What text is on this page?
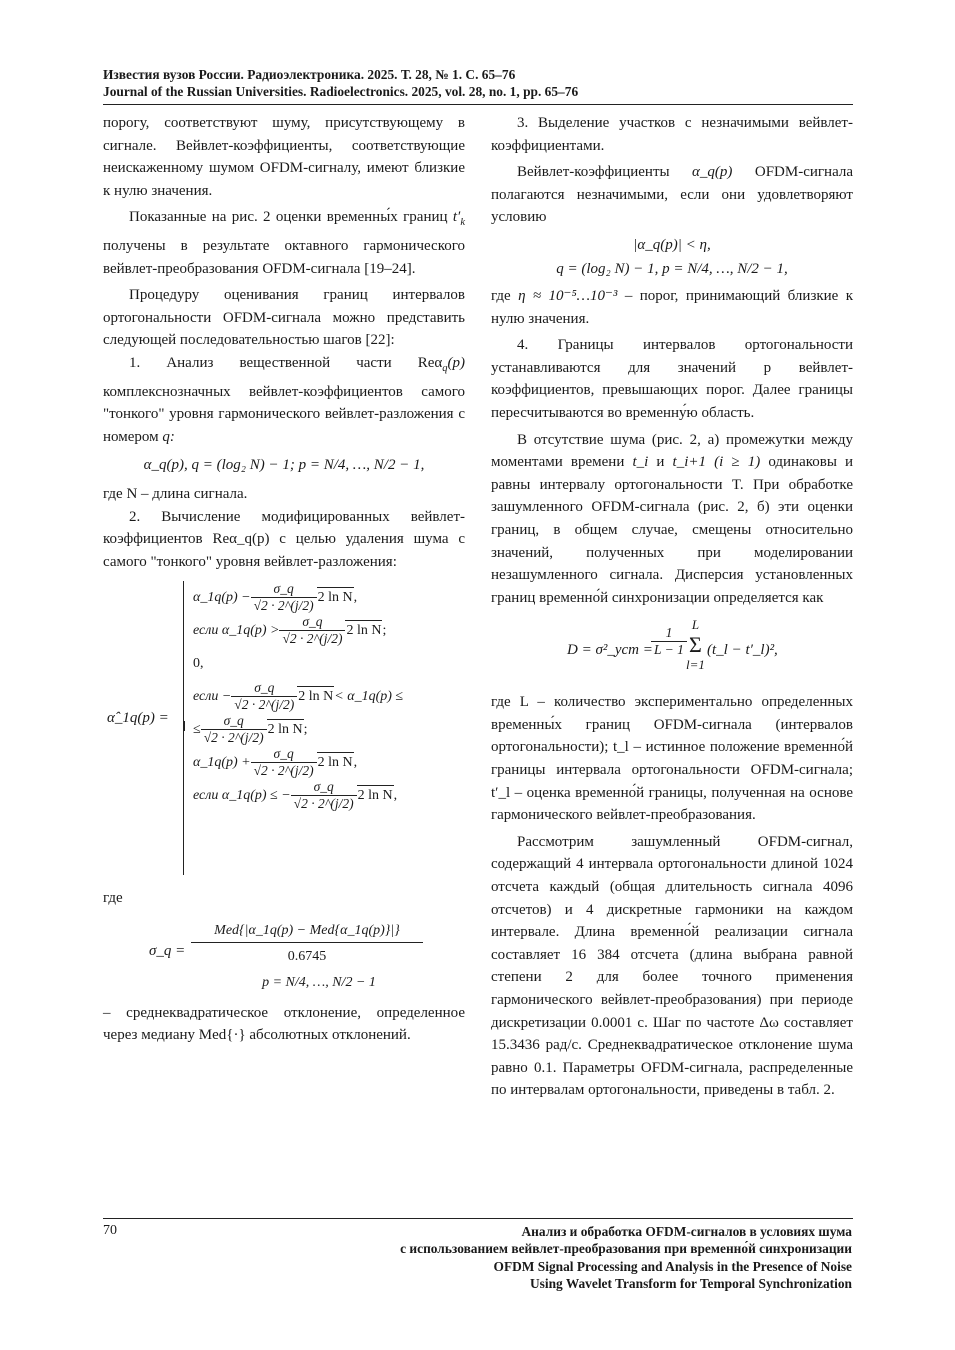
Известия вузов России. Радиоэлектроника. 2025. Т. 28, № 1. С. 65–76
Journal of the Russian Universities. Radioelectronics. 2025, vol. 28, no. 1, pp. 65–76

порогу, соответствуют шуму, присутствующему в сигнале. Вейвлет-коэффициенты, соответствующие неискаженному шумом OFDM-сигналу, имеют близкие к нулю значения.

Показанные на рис. 2 оценки временны́х границ $t'_k$ получены в результате октавного гармонического вейвлет-преобразования OFDM-сигнала [19–24].

Процедуру оценивания границ интервалов ортогональности OFDM-сигнала можно представить следующей последовательностью шагов [22]:

1. Анализ вещественной части Reα$_q$(p) комплекснозначных вейвлет-коэффициентов самого "тонкого" уровня гармонического вейвлет-разложения с номером q:

α_q(p), q = (log₂ N) − 1; p = N/4, …, N/2 − 1,

где N – длина сигнала.

2. Вычисление модифицированных вейвлет-коэффициентов Reα_q(p) с целью удаления шума с самого "тонкого" уровня вейвлет-разложения:

α̂_1q(p) =
α_1q(p) − $\frac{\sigma\_q}{√2 \cdot 2\^{}(j/2)} 2$ ln N ,
если α_1q(p) > $\frac{\sigma\_q}{√2 \cdot 2\^{}(j/2)} 2$ ln N ;
0,
если − $\frac{\sigma\_q}{√2 \cdot 2\^{}(j/2)} 2$ ln N < α_1q(p) ≤
≤ $\frac{\sigma\_q}{√2 \cdot 2\^{}(j/2)} 2$ ln N ;
α_1q(p) + $\frac{\sigma\_q}{√2 \cdot 2\^{}(j/2)} 2$ ln N ,
если α_1q(p) ≤ − $\frac{\sigma\_q}{√2 \cdot 2\^{}(j/2)} 2$ ln N ,

где

σ_q =
Med{|α_1q(p) − Med{α_1q(p)}|}
0.6745
p = N/4, …, N/2 − 1

– среднеквадратическое отклонение, определенное через медиану Med{·} абсолютных отклонений.

3. Выделение участков с незначимыми вейвлет-коэффициентами.

Вейвлет-коэффициенты α_q(p) OFDM-сигнала полагаются незначимыми, если они удовлетворяют условию

|α_q(p)| < η,
q = (log₂ N) − 1, p = N/4, …, N/2 − 1,

где η ≈ 10⁻⁵…10⁻³ – порог, принимающий близкие к нулю значения.

4. Границы интервалов ортогональности устанавливаются для значений p вейвлет-коэффициентов, превышающих порог. Далее границы пересчитываются во временну́ю область.

В отсутствие шума (рис. 2, а) промежутки между моментами времени t_i и t_i+1 (i ≥ 1) одинаковы и равны интервалу ортогональности T. При обработке зашумленного OFDM-сигнала (рис. 2, б) эти оценки границ, в общем случае, смещены относительно значений, полученных при моделировании незашумленного сигнала. Дисперсия установленных границ временно́й синхронизации определяется как

D = σ²_уст =
$\frac{1}{L - 1}$
L
Σ
l=1
(t_l − t′_l)²,

где L – количество экспериментально определенных временны́х границ OFDM-сигнала (интервалов ортогональности); t_l – истинное положение временно́й границы интервала ортогональности OFDM-сигнала; t′_l – оценка временно́й границы, полученная на основе гармонического вейвлет-преобразования.

Рассмотрим зашумленный OFDM-сигнал, содержащий 4 интервала ортогональности длиной 1024 отсчета каждый (общая длительность сигнала 4096 отсчетов) и 4 дискретные гармоники на каждом интервале. Длина временно́й реализации сигнала составляет 16 384 отсчета (длина выбрана равной степени 2 для более точного применения гармонического вейвлет-преобразования) при периоде дискретизации 0.0001 с. Шаг по частоте Δω составляет 15.3436 рад/с. Среднеквадратическое отклонение шума равно 0.1. Параметры OFDM-сигнала, распределенные по интервалам ортогональности, приведены в табл. 2.

70	Анализ и обработка OFDM-сигналов в условиях шума
с использованием вейвлет-преобразования при временно́й синхронизации
OFDM Signal Processing and Analysis in the Presence of Noise
Using Wavelet Transform for Temporal Synchronization
